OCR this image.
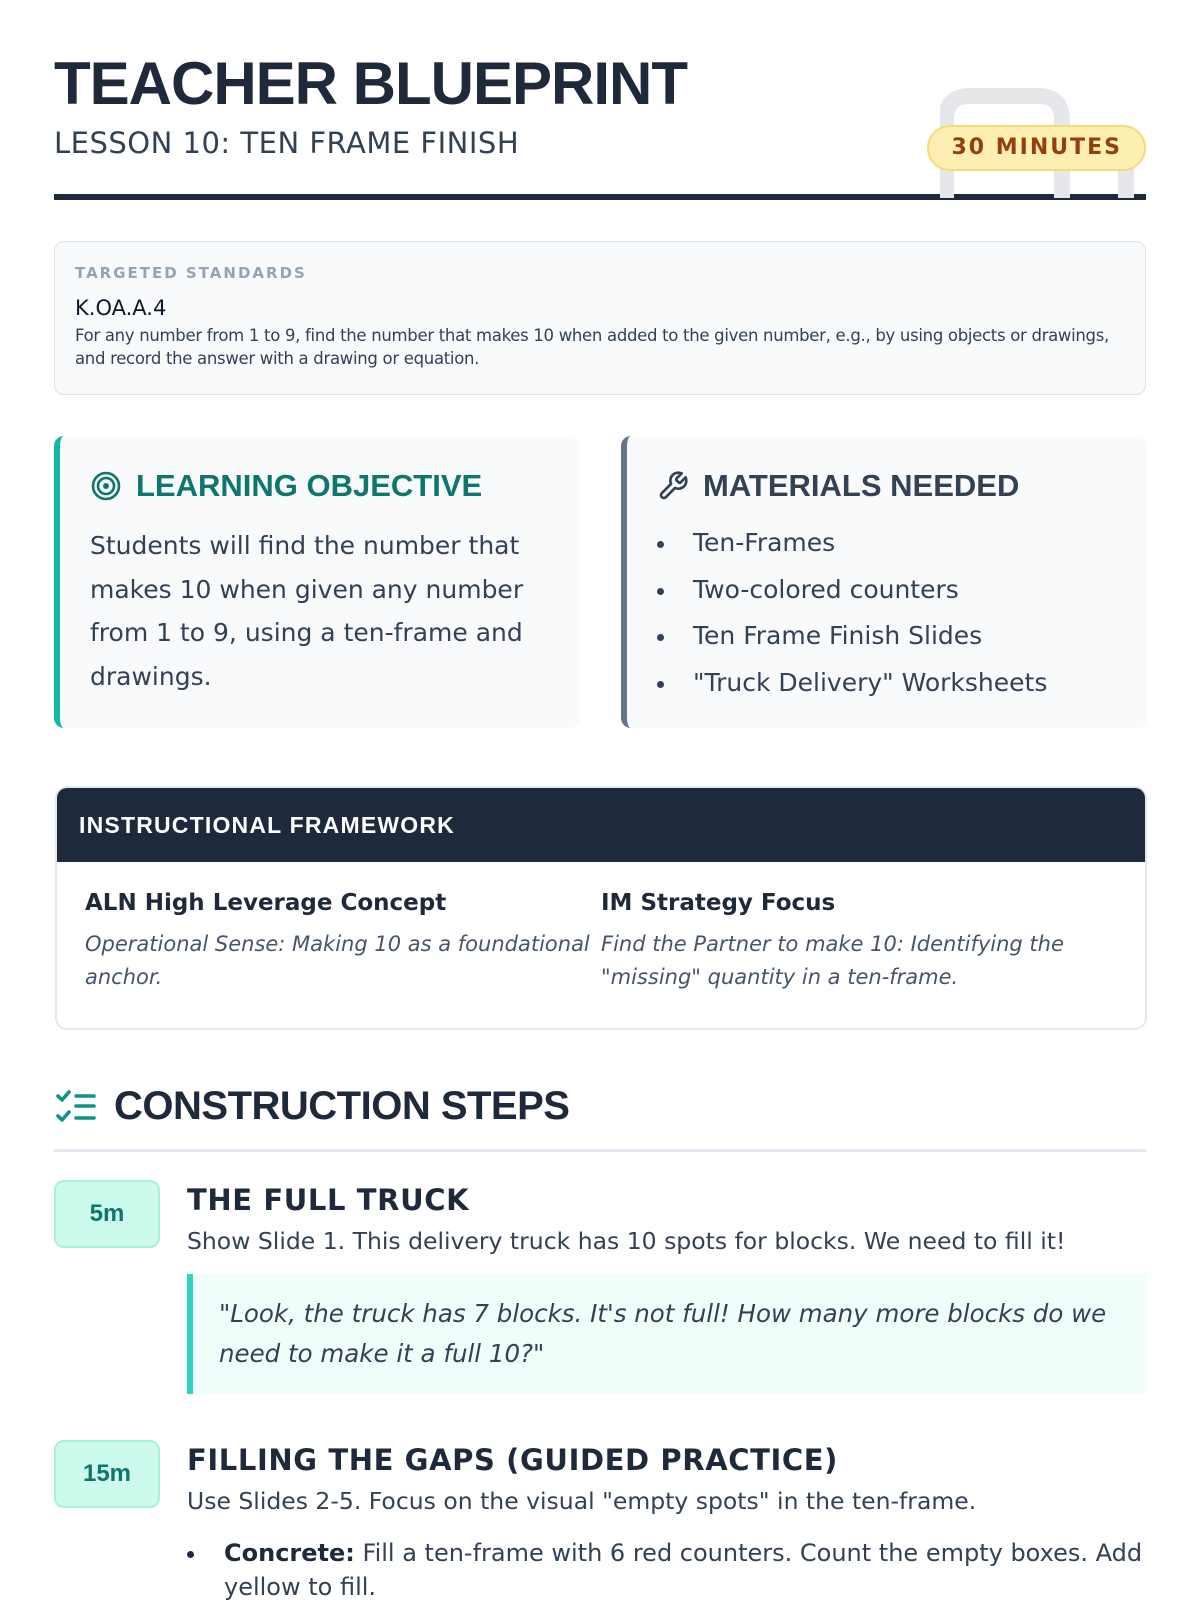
TEACHER BLUEPRINT
LESSON 10: TEN FRAME FINISH	30 MINUTES
TARGETED STANDARDS
K.OA.A.4
For any number from 1 to 9, find the number that makes 10 when added to the given number, e.g., by using objects or drawings, and record the answer with a drawing or equation.
LEARNING OBJECTIVE
Students will find the number that makes 10 when given any number from 1 to 9, using a ten-frame and drawings.
MATERIALS NEEDED
Ten-Frames
Two-colored counters
Ten Frame Finish Slides
"Truck Delivery" Worksheets
INSTRUCTIONAL FRAMEWORK
ALN High Leverage Concept
Operational Sense: Making 10 as a foundational anchor.
IM Strategy Focus
Find the Partner to make 10: Identifying the "missing" quantity in a ten-frame.
CONSTRUCTION STEPS
5m	THE FULL TRUCK
Show Slide 1. This delivery truck has 10 spots for blocks. We need to fill it!
"Look, the truck has 7 blocks. It's not full! How many more blocks do we need to make it a full 10?"
15m	FILLING THE GAPS (GUIDED PRACTICE)
Use Slides 2-5. Focus on the visual "empty spots" in the ten-frame.
Concrete: Fill a ten-frame with 6 red counters. Count the empty boxes. Add yellow to fill.
